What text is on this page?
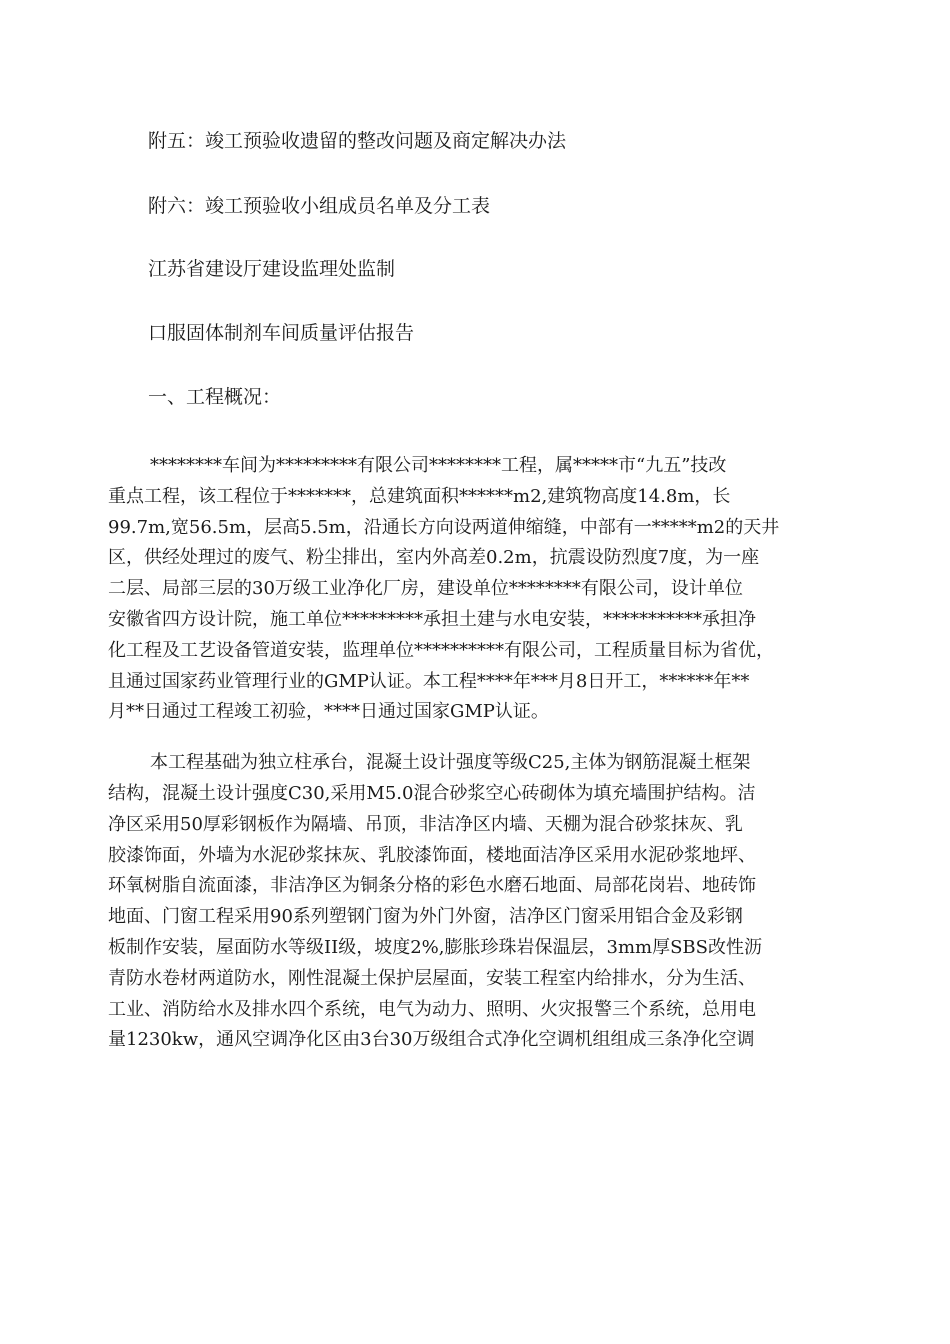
附五：竣工预验收遗留的整改问题及商定解决办法

附六：竣工预验收小组成员名单及分工表

江苏省建设厅建设监理处监制

口服固体制剂车间质量评估报告

一、工程概况：

********车间为*********有限公司********工程，属*****市“九五”技改
重点工程，该工程位于*******，总建筑面积******m2,建筑物高度14.8m，长
99.7m,宽56.5m，层高5.5m，沿通长方向设两道伸缩缝，中部有一*****m2的天井
区，供经处理过的废气、粉尘排出，室内外高差0.2m，抗震设防烈度7度，为一座
二层、局部三层的30万级工业净化厂房，建设单位********有限公司，设计单位
安徽省四方设计院，施工单位*********承担土建与水电安装，***********承担净
化工程及工艺设备管道安装，监理单位**********有限公司，工程质量目标为省优，
且通过国家药业管理行业的GMP认证。本工程****年***月8日开工，******年**
月**日通过工程竣工初验，****日通过国家GMP认证。
本工程基础为独立柱承台，混凝土设计强度等级C25,主体为钢筋混凝土框架
结构，混凝土设计强度C30,采用M5.0混合砂浆空心砖砌体为填充墙围护结构。洁
净区采用50厚彩钢板作为隔墙、吊顶，非洁净区内墙、天棚为混合砂浆抹灰、乳
胶漆饰面，外墙为水泥砂浆抹灰、乳胶漆饰面，楼地面洁净区采用水泥砂浆地坪、
环氧树脂自流面漆，非洁净区为铜条分格的彩色水磨石地面、局部花岗岩、地砖饰
地面、门窗工程采用90系列塑钢门窗为外门外窗，洁净区门窗采用铝合金及彩钢
板制作安装，屋面防水等级II级，坡度2%,膨胀珍珠岩保温层，3mm厚SBS改性沥
青防水卷材两道防水，刚性混凝土保护层屋面，安装工程室内给排水，分为生活、
工业、消防给水及排水四个系统，电气为动力、照明、火灾报警三个系统，总用电
量1230kw，通风空调净化区由3台30万级组合式净化空调机组组成三条净化空调
